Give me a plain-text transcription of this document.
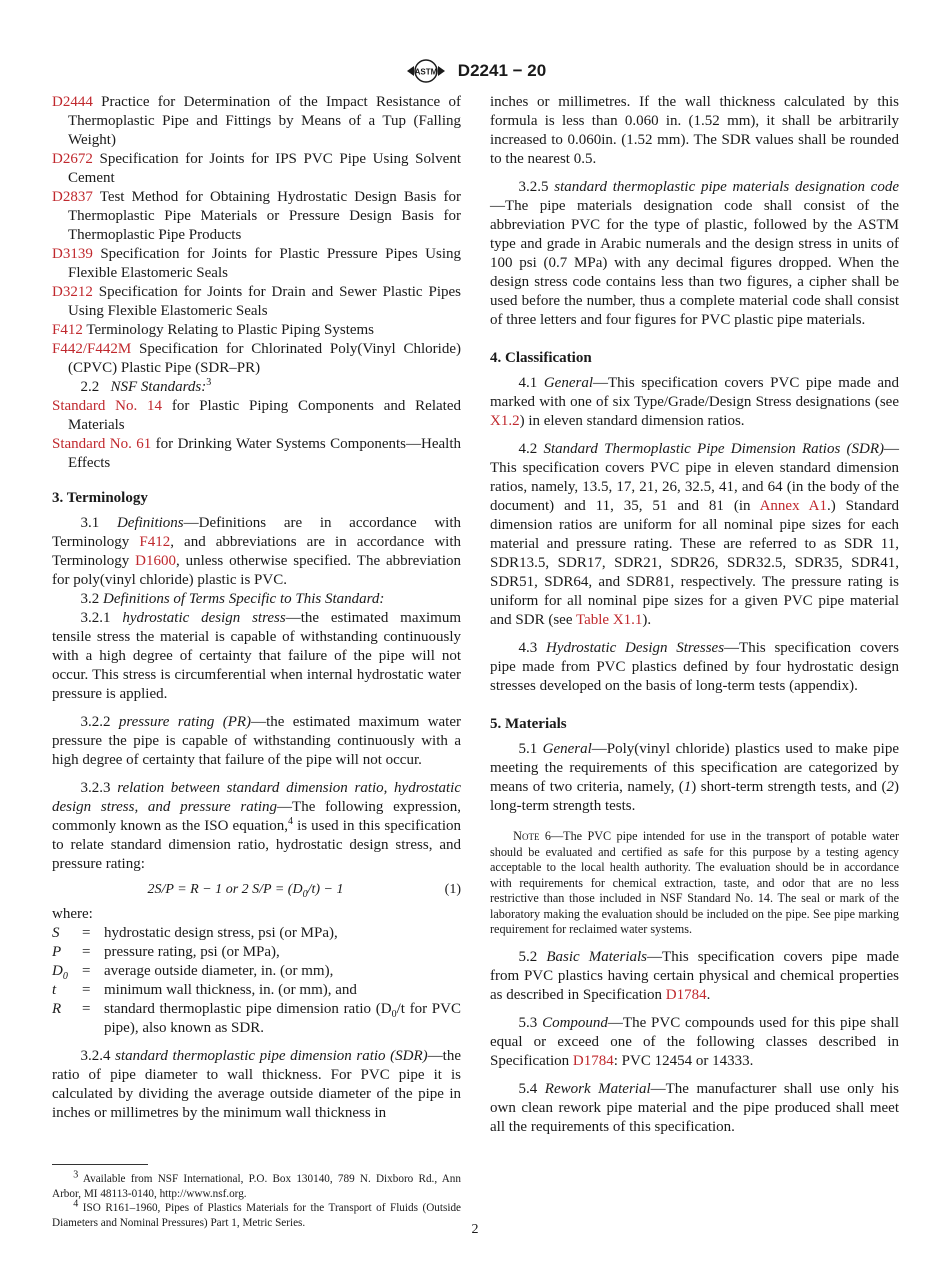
ASTM D2241 − 20

D2444 Practice for Determination of the Impact Resistance of Thermoplastic Pipe and Fittings by Means of a Tup (Falling Weight)

D2672 Specification for Joints for IPS PVC Pipe Using Solvent Cement

D2837 Test Method for Obtaining Hydrostatic Design Basis for Thermoplastic Pipe Materials or Pressure Design Basis for Thermoplastic Pipe Products

D3139 Specification for Joints for Plastic Pressure Pipes Using Flexible Elastomeric Seals

D3212 Specification for Joints for Drain and Sewer Plastic Pipes Using Flexible Elastomeric Seals

F412 Terminology Relating to Plastic Piping Systems

F442/F442M Specification for Chlorinated Poly(Vinyl Chloride) (CPVC) Plastic Pipe (SDR–PR)

2.2 NSF Standards:$^3$

Standard No. 14 for Plastic Piping Components and Related Materials

Standard No. 61 for Drinking Water Systems Components—Health Effects

3. Terminology

3.1 Definitions—Definitions are in accordance with Terminology F412, and abbreviations are in accordance with Terminology D1600, unless otherwise specified. The abbreviation for poly(vinyl chloride) plastic is PVC.

3.2 Definitions of Terms Specific to This Standard:

3.2.1 hydrostatic design stress—the estimated maximum tensile stress the material is capable of withstanding continuously with a high degree of certainty that failure of the pipe will not occur. This stress is circumferential when internal hydrostatic water pressure is applied.

3.2.2 pressure rating (PR)—the estimated maximum water pressure the pipe is capable of withstanding continuously with a high degree of certainty that failure of the pipe will not occur.

3.2.3 relation between standard dimension ratio, hydrostatic design stress, and pressure rating—The following expression, commonly known as the ISO equation,$^4$ is used in this specification to relate standard dimension ratio, hydrostatic design stress, and pressure rating:

2S/P = R − 1 or 2 $S/P = (D_0/t) - 1$	(1)

where:

S	= hydrostatic design stress, psi (or MPa),
P	= pressure rating, psi (or MPa),
$D_0$ = average outside diameter, in. (or mm),
t	= minimum wall thickness, in. (or mm), and
R	= standard thermoplastic pipe dimension ratio ($D_0/t$ for PVC pipe), also known as SDR.

3.2.4 standard thermoplastic pipe dimension ratio (SDR)—the ratio of pipe diameter to wall thickness. For PVC pipe it is calculated by dividing the average outside diameter of the pipe in inches or millimetres by the minimum wall thickness in

$^3$ Available from NSF International, P.O. Box 130140, 789 N. Dixboro Rd., Ann Arbor, MI 48113-0140, http://www.nsf.org.

$^4$ ISO R161–1960, Pipes of Plastics Materials for the Transport of Fluids (Outside Diameters and Nominal Pressures) Part 1, Metric Series.

inches or millimetres. If the wall thickness calculated by this formula is less than 0.060 in. (1.52 mm), it shall be arbitrarily increased to 0.060in. (1.52 mm). The SDR values shall be rounded to the nearest 0.5.

3.2.5 standard thermoplastic pipe materials designation code—The pipe materials designation code shall consist of the abbreviation PVC for the type of plastic, followed by the ASTM type and grade in Arabic numerals and the design stress in units of 100 psi (0.7 MPa) with any decimal figures dropped. When the design stress code contains less than two figures, a cipher shall be used before the number, thus a complete material code shall consist of three letters and four figures for PVC plastic pipe materials.

4. Classification

4.1 General—This specification covers PVC pipe made and marked with one of six Type/Grade/Design Stress designations (see X1.2) in eleven standard dimension ratios.

4.2 Standard Thermoplastic Pipe Dimension Ratios (SDR)—This specification covers PVC pipe in eleven standard dimension ratios, namely, 13.5, 17, 21, 26, 32.5, 41, and 64 (in the body of the document) and 11, 35, 51 and 81 (in Annex A1.) Standard dimension ratios are uniform for all nominal pipe sizes for each material and pressure rating. These are referred to as SDR 11, SDR13.5, SDR17, SDR21, SDR26, SDR32.5, SDR35, SDR41, SDR51, SDR64, and SDR81, respectively. The pressure rating is uniform for all nominal pipe sizes for a given PVC pipe material and SDR (see Table X1.1).

4.3 Hydrostatic Design Stresses—This specification covers pipe made from PVC plastics defined by four hydrostatic design stresses developed on the basis of long-term tests (appendix).

5. Materials

5.1 General—Poly(vinyl chloride) plastics used to make pipe meeting the requirements of this specification are categorized by means of two criteria, namely, (1) short-term strength tests, and (2) long-term strength tests.

Note 6—The PVC pipe intended for use in the transport of potable water should be evaluated and certified as safe for this purpose by a testing agency acceptable to the local health authority. The evaluation should be in accordance with requirements for chemical extraction, taste, and odor that are no less restrictive than those included in NSF Standard No. 14. The seal or mark of the laboratory making the evaluation should be included on the pipe. See pipe marking requirement for reclaimed water systems.

5.2 Basic Materials—This specification covers pipe made from PVC plastics having certain physical and chemical properties as described in Specification D1784.

5.3 Compound—The PVC compounds used for this pipe shall equal or exceed one of the following classes described in Specification D1784: PVC 12454 or 14333.

5.4 Rework Material—The manufacturer shall use only his own clean rework pipe material and the pipe produced shall meet all the requirements of this specification.

2
